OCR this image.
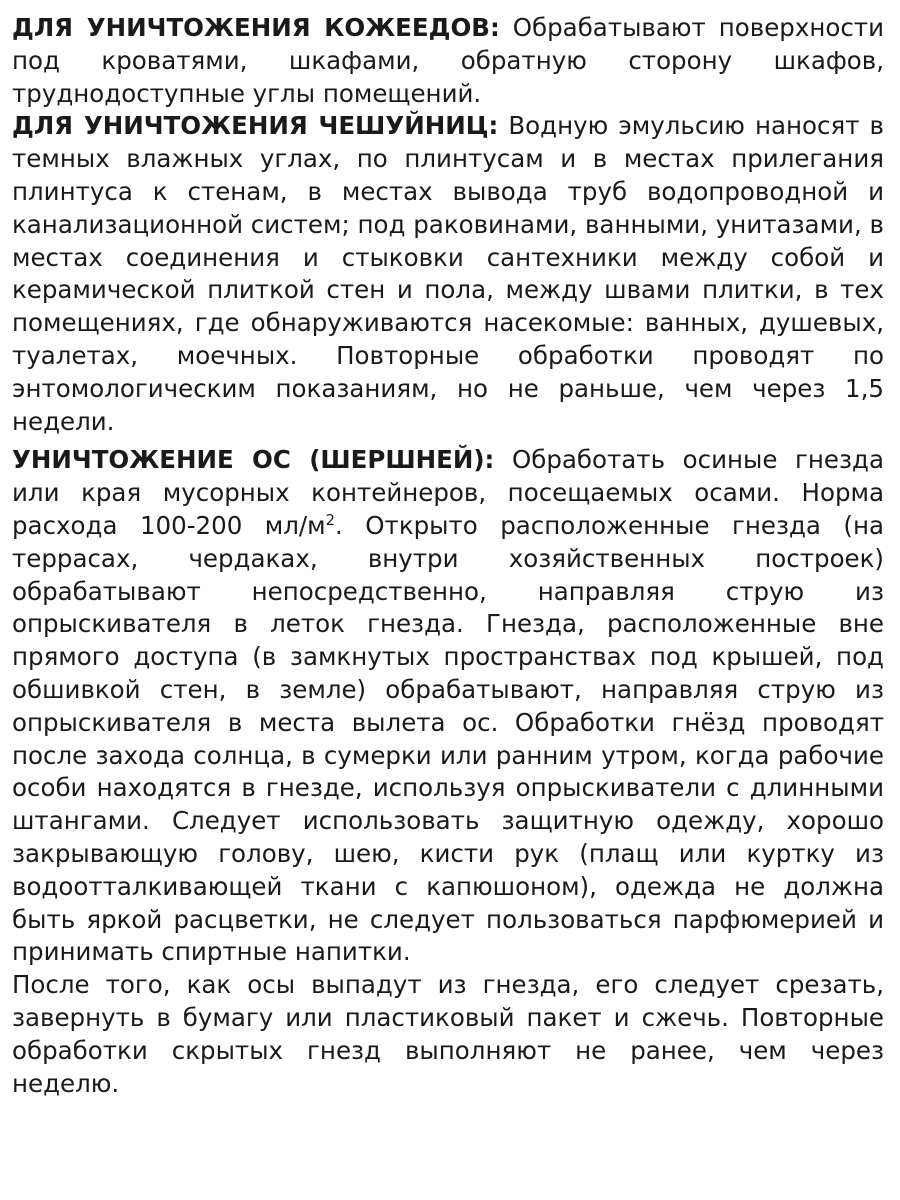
ДЛЯ УНИЧТОЖЕНИЯ КОЖЕЕДОВ: Обрабатывают поверхности под кроватями, шкафами, обратную сторону шкафов, труднодоступные углы помещений.

ДЛЯ УНИЧТОЖЕНИЯ ЧЕШУЙНИЦ: Водную эмульсию наносят в темных влажных углах, по плинтусам и в местах прилегания плинтуса к стенам, в местах вывода труб водопроводной и канализационной систем; под раковинами, ванными, унитазами, в местах соединения и стыковки сантехники между собой и керамической плиткой стен и пола, между швами плитки, в тех помещениях, где обнаруживаются насекомые: ванных, душевых, туалетах, моечных. Повторные обработки проводят по энтомологическим показаниям, но не раньше, чем через 1,5 недели.

УНИЧТОЖЕНИЕ ОС (ШЕРШНЕЙ): Обработать осиные гнезда или края мусорных контейнеров, посещаемых осами. Норма расхода 100-200 $мл/м^2$. Открыто расположенные гнезда (на террасах, чердаках, внутри хозяйственных построек) обрабатывают непосредственно, направляя струю из опрыскивателя в леток гнезда. Гнезда, расположенные вне прямого доступа (в замкнутых пространствах под крышей, под обшивкой стен, в земле) обрабатывают, направляя струю из опрыскивателя в места вылета ос. Обработки гнёзд проводят после захода солнца, в сумерки или ранним утром, когда рабочие особи находятся в гнезде, используя опрыскиватели с длинными штангами. Следует использовать защитную одежду, хорошо закрывающую голову, шею, кисти рук (плащ или куртку из водоотталкивающей ткани с капюшоном), одежда не должна быть яркой расцветки, не следует пользоваться парфюмерией и принимать спиртные напитки.

После того, как осы выпадут из гнезда, его следует срезать, завернуть в бумагу или пластиковый пакет и сжечь. Повторные обработки скрытых гнезд выполняют не ранее, чем через неделю.
